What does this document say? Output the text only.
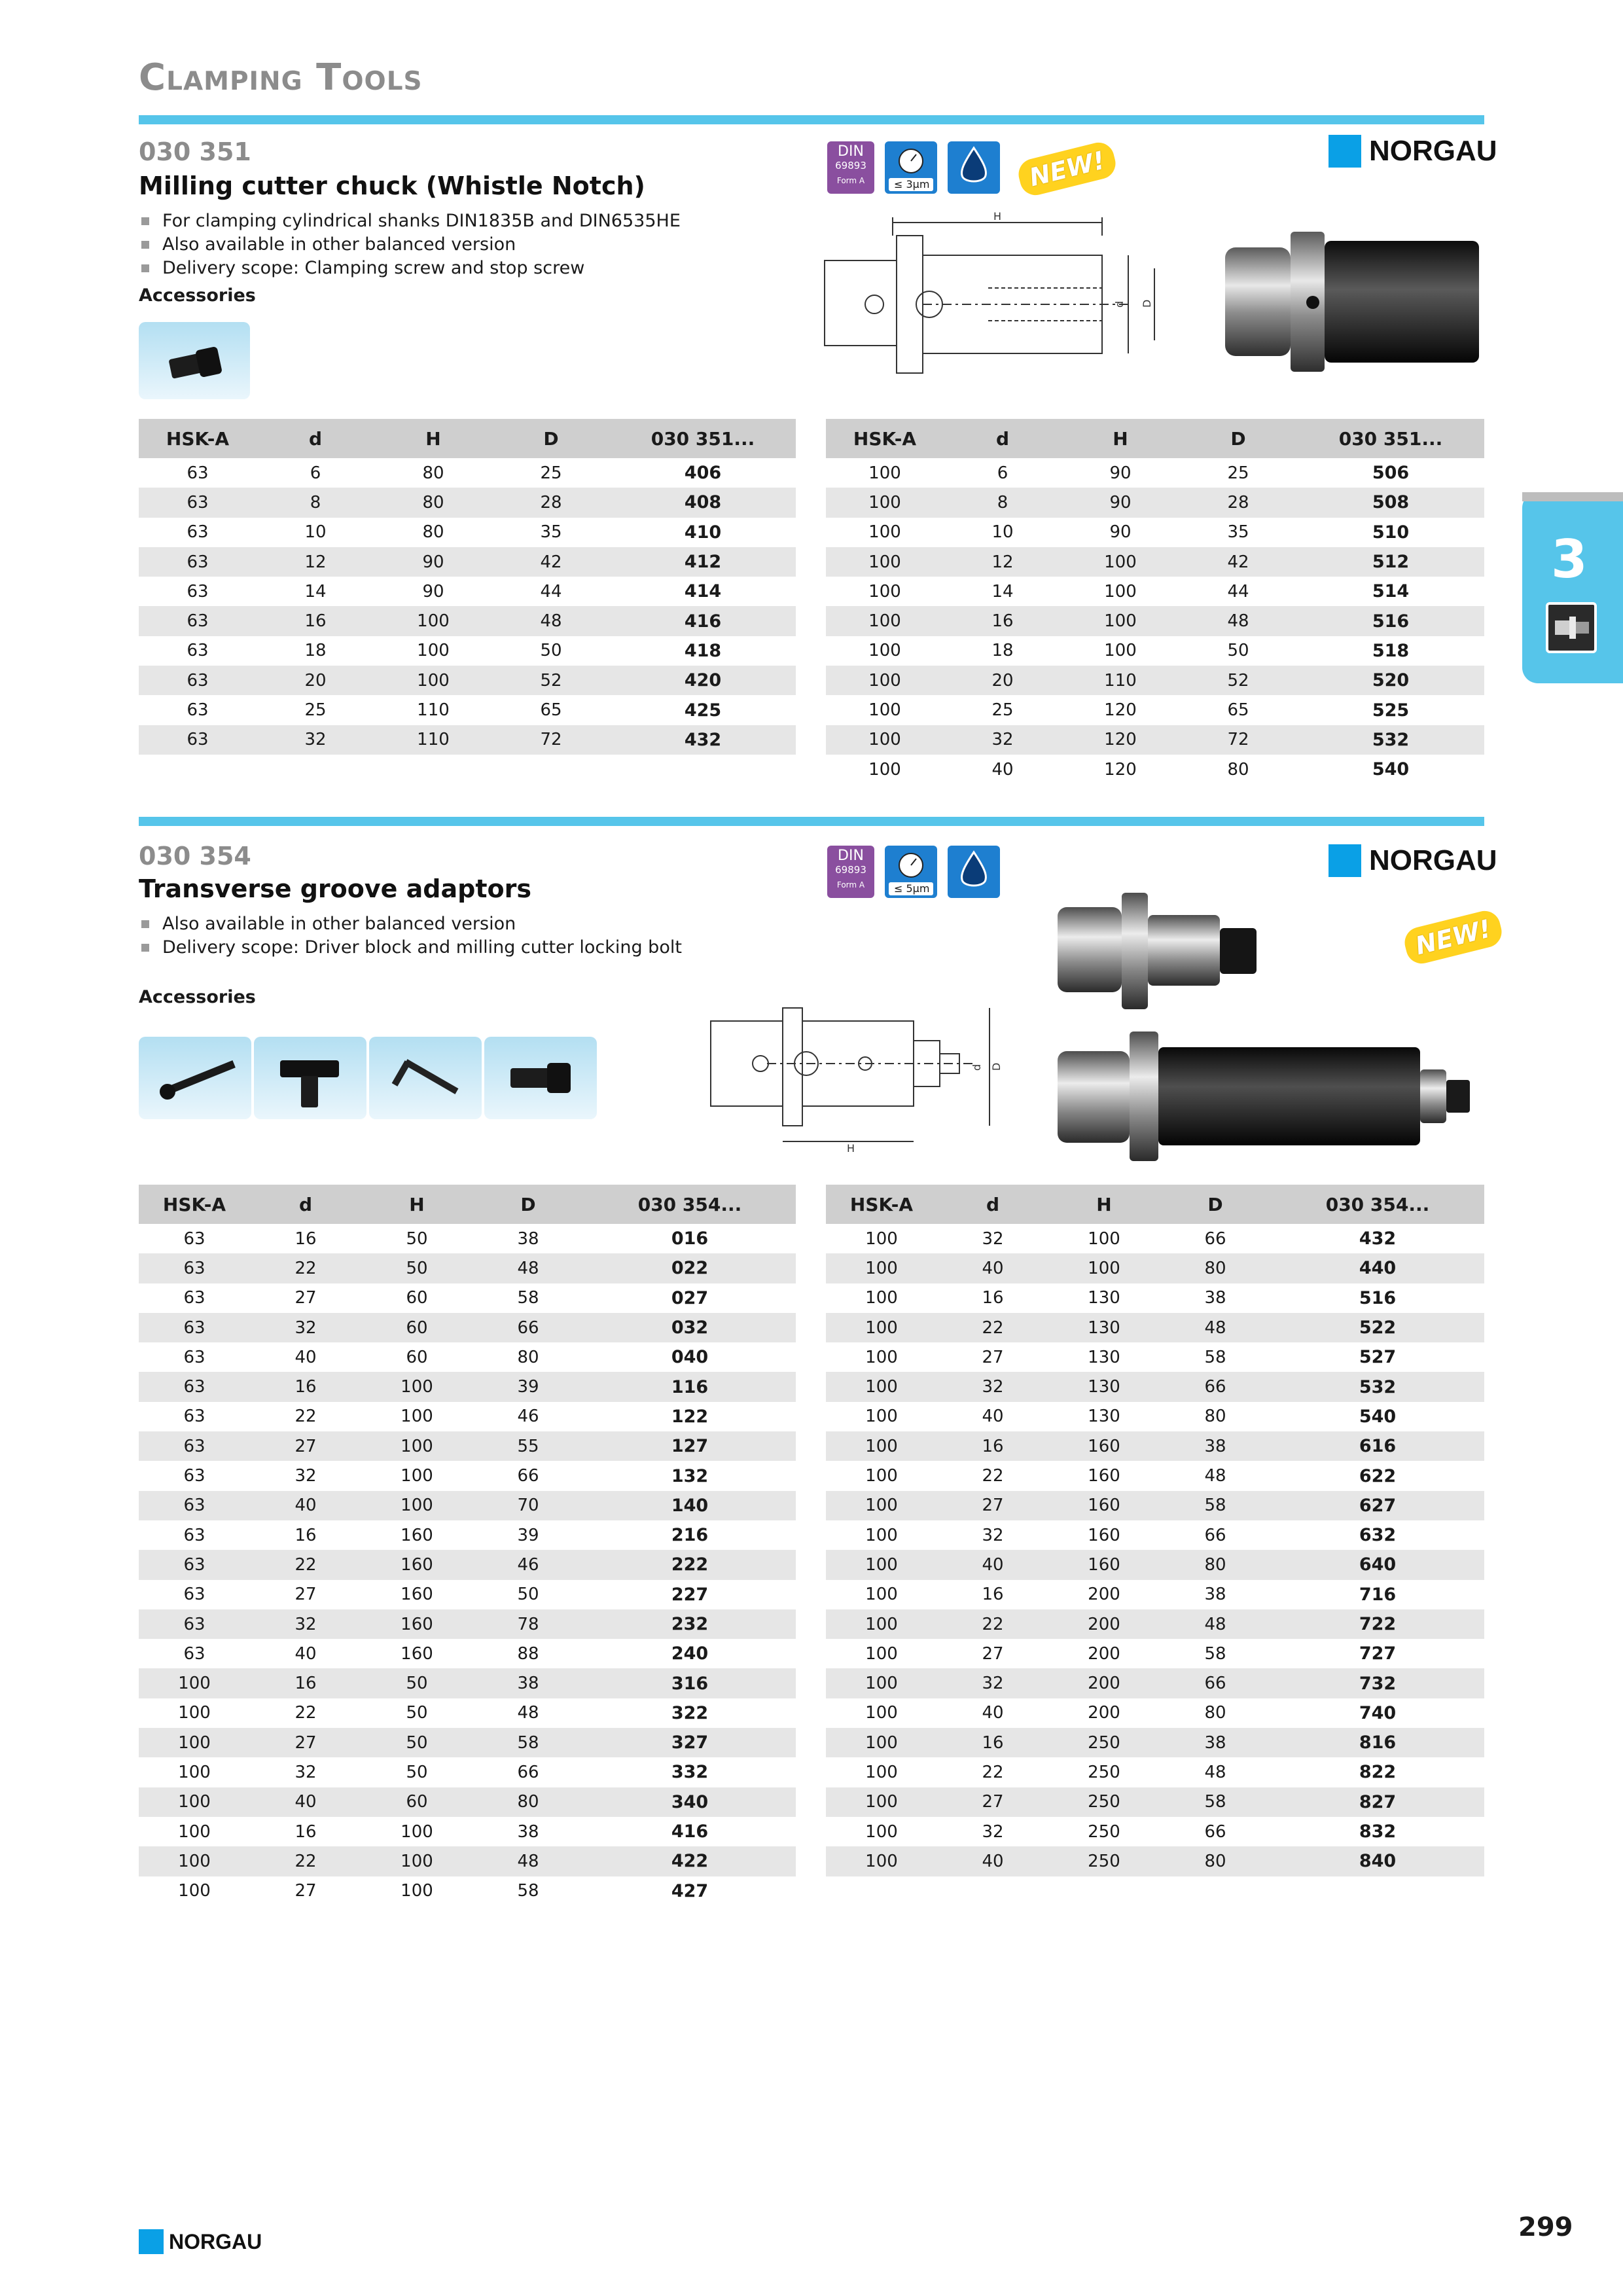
Clamping Tools
030 351
Milling cutter chuck (Whistle Notch)
For clamping cylindrical shanks DIN1835B and DIN6535HE
Also available in other balanced version
Delivery scope: Clamping screw and stop screw
Accessories
DIN
69893
Form A	≤ 3µm	NEW!	NORGAU
H
d D
HSK-A	d	H	D	030 351...
63	6	80	25	406
63	8	80	28	408
63	10	80	35	410
63	12	90	42	412
63	14	90	44	414
63	16	100	48	416
63	18	100	50	418
63	20	100	52	420
63	25	110	65	425
63	32	110	72	432
HSK-A	d	H	D	030 351...
100	6	90	25	506
100	8	90	28	508
100	10	90	35	510
100	12	100	42	512
100	14	100	44	514
100	16	100	48	516
100	18	100	50	518
100	20	110	52	520
100	25	120	65	525
100	32	120	72	532
100	40	120	80	540
030 354
Transverse groove adaptors
Also available in other balanced version
Delivery scope: Driver block and milling cutter locking bolt
Accessories
DIN
69893
Form A	≤ 5µm
NORGAU
NEW!
H
d D
HSK-A	d	H	D	030 354...
63	16	50	38	016
63	22	50	48	022
63	27	60	58	027
63	32	60	66	032
63	40	60	80	040
63	16	100	39	116
63	22	100	46	122
63	27	100	55	127
63	32	100	66	132
63	40	100	70	140
63	16	160	39	216
63	22	160	46	222
63	27	160	50	227
63	32	160	78	232
63	40	160	88	240
100	16	50	38	316
100	22	50	48	322
100	27	50	58	327
100	32	50	66	332
100	40	60	80	340
100	16	100	38	416
100	22	100	48	422
100	27	100	58	427
HSK-A	d	H	D	030 354...
100	32	100	66	432
100	40	100	80	440
100	16	130	38	516
100	22	130	48	522
100	27	130	58	527
100	32	130	66	532
100	40	130	80	540
100	16	160	38	616
100	22	160	48	622
100	27	160	58	627
100	32	160	66	632
100	40	160	80	640
100	16	200	38	716
100	22	200	48	722
100	27	200	58	727
100	32	200	66	732
100	40	200	80	740
100	16	250	38	816
100	22	250	48	822
100	27	250	58	827
100	32	250	66	832
100	40	250	80	840
3
NORGAU	299
